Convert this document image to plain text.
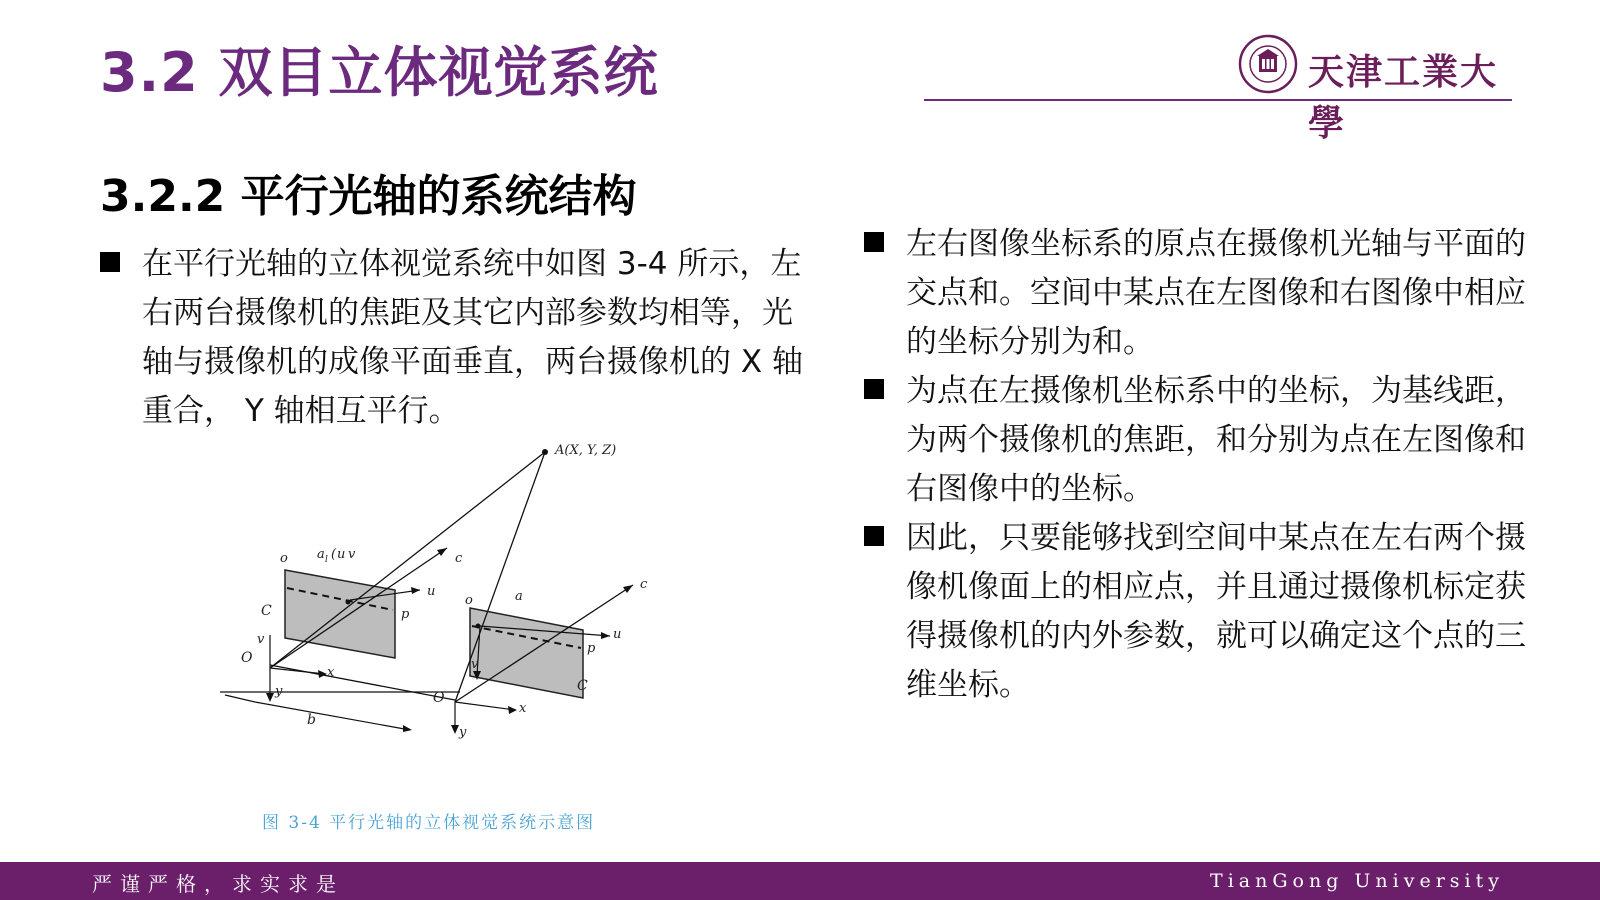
3.2 双目立体视觉系统	天津工業大學
3.2.2 平行光轴的系统结构
在平行光轴的立体视觉系统中如图 3-4 所示，左右两台摄像机的焦距及其它内部参数均相等，光轴与摄像机的成像平面垂直，两台摄像机的 X 轴重合， Y 轴相互平行。
左右图像坐标系的原点在摄像机光轴与平面的交点和。空间中某点在左图像和右图像中相应的坐标分别为和。
为点在左摄像机坐标系中的坐标，为基线距，为两个摄像机的焦距，和分别为点在左图像和右图像中的坐标。
因此，只要能够找到空间中某点在左右两个摄像机像面上的相应点，并且通过摄像机标定获得摄像机的内外参数，就可以确定这个点的三维坐标。
A(X, Y, Z)
o a l ( u v	c
u
p
C
v
O
x
y
b
o	a
c
u
p
v
C
O
x
y

图 3-4 平行光轴的立体视觉系统示意图

严谨严格，求实求是	TianGong University
